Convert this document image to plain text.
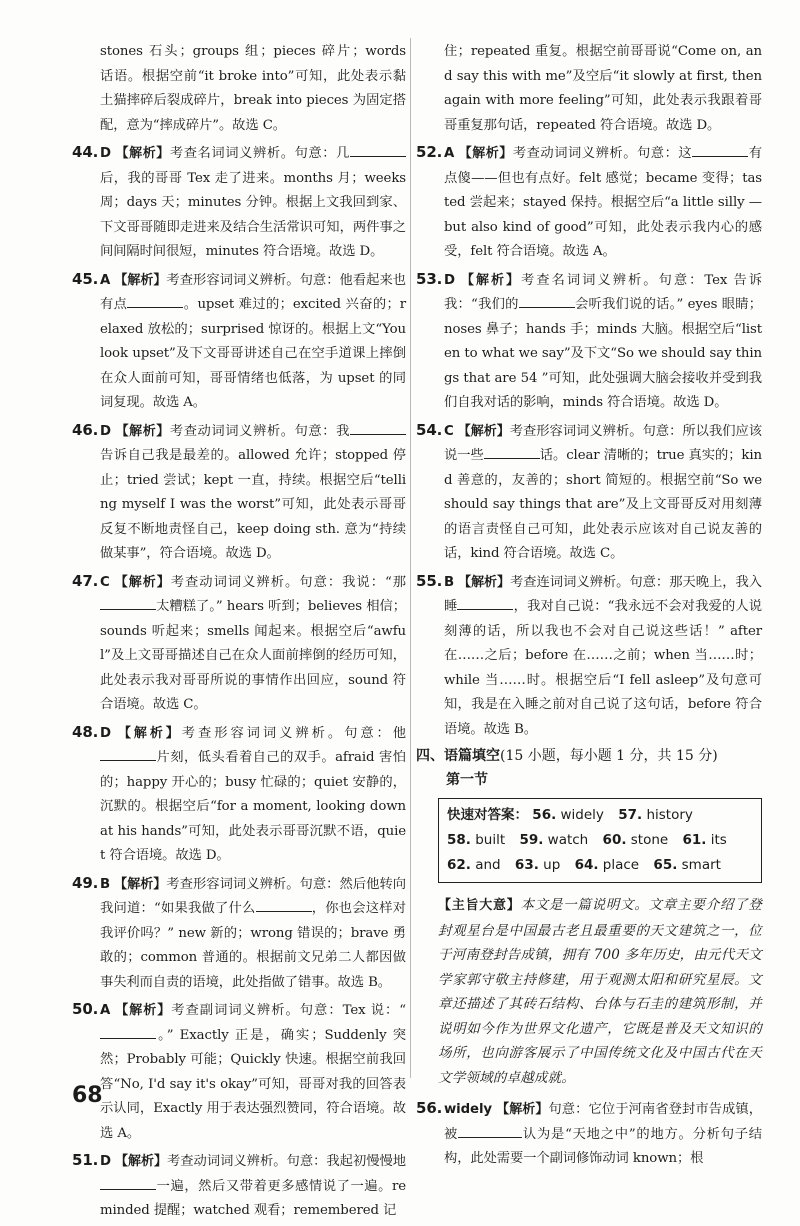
stones 石头；groups 组；pieces 碎片；words 话语。根据空前“it broke into”可知，此处表示黏土猫摔碎后裂成碎片，break into pieces 为固定搭配，意为“摔成碎片”。故选 C。
44. D 【解析】考查名词词义辨析。句意：几后，我的哥哥 Tex 走了进来。months 月；weeks 周；days 天；minutes 分钟。根据上文我回到家、下文哥哥随即走进来及结合生活常识可知，两件事之间间隔时间很短，minutes 符合语境。故选 D。
45. A 【解析】考查形容词词义辨析。句意：他看起来也有点	。upset 难过的；excited 兴奋的；relaxed 放松的；surprised 惊讶的。根据上文“You look upset”及下文哥哥讲述自己在空手道课上摔倒在众人面前可知，哥哥情绪也低落，为 upset 的同词复现。故选 A。
46. D 【解析】考查动词词义辨析。句意：我告诉自己我是最差的。allowed 允许；stopped 停止；tried 尝试；kept 一直，持续。根据空后“telling myself I was the worst”可知，此处表示哥哥反复不断地责怪自己，keep doing sth. 意为“持续做某事”，符合语境。故选 D。
47. C 【解析】考查动词词义辨析。句意：我说：“那太糟糕了。” hears 听到；believes 相信；sounds 听起来；smells 闻起来。根据空后“awful”及上文哥哥描述自己在众人面前摔倒的经历可知，此处表示我对哥哥所说的事情作出回应，sound 符合语境。故选 C。
48. D 【解析】考查形容词词义辨析。句意：他片刻，低头看着自己的双手。afraid 害怕的；happy 开心的；busy 忙碌的；quiet 安静的，沉默的。根据空后“for a moment, looking down at his hands”可知，此处表示哥哥沉默不语，quiet 符合语境。故选 D。
49. B 【解析】考查形容词词义辨析。句意：然后他转向我问道：“如果我做了什么	，你也会这样对我评价吗？” new 新的；wrong 错误的；brave 勇敢的；common 普通的。根据前文兄弟二人都因做事失利而自责的语境，此处指做了错事。故选 B。
50. A 【解析】考查副词词义辨析。句意：Tex 说：“。” Exactly 正是，确实；Suddenly 突然；Probably 可能；Quickly 快速。根据空前我回答“No, I'd say it's okay”可知，哥哥对我的回答表示认同，Exactly 用于表达强烈赞同，符合语境。故选 A。
51. D 【解析】考查动词词义辨析。句意：我起初慢慢地一遍，然后又带着更多感情说了一遍。reminded 提醒；watched 观看；remembered 记
住；repeated 重复。根据空前哥哥说“Come on, and say this with me”及空后“it slowly at first, then again with more feeling”可知，此处表示我跟着哥哥重复那句话，repeated 符合语境。故选 D。
52. A 【解析】考查动词词义辨析。句意：这	有点傻——但也有点好。felt 感觉；became 变得；tasted 尝起来；stayed 保持。根据空后“a little silly — but also kind of good”可知，此处表示我内心的感受，felt 符合语境。故选 A。
53. D 【解析】考查名词词义辨析。句意：Tex 告诉我：“我们的	会听我们说的话。” eyes 眼睛；noses 鼻子；hands 手；minds 大脑。根据空后“listen to what we say”及下文“So we should say things that are 54 ”可知，此处强调大脑会接收并受到我们自我对话的影响，minds 符合语境。故选 D。
54. C 【解析】考查形容词词义辨析。句意：所以我们应该说一些	话。clear 清晰的；true 真实的；kind 善意的，友善的；short 简短的。根据空前“So we should say things that are”及上文哥哥反对用刻薄的语言责怪自己可知，此处表示应该对自己说友善的话，kind 符合语境。故选 C。
55. B 【解析】考查连词词义辨析。句意：那天晚上，我入睡	，我对自己说：“我永远不会对我爱的人说刻薄的话，所以我也不会对自己说这些话！” after 在……之后；before 在……之前；when 当……时；while 当……时。根据空后“I fell asleep”及句意可知，我是在入睡之前对自己说了这句话，before 符合语境。故选 B。
四、语篇填空(15 小题，每小题 1 分，共 15 分)
第一节
快速对答案： 56. widely 57. history 58. built 59. watch 60. stone 61. its 62. and 63. up 64. place 65. smart
【主旨大意】本文是一篇说明文。文章主要介绍了登封观星台是中国最古老且最重要的天文建筑之一，位于河南登封告成镇，拥有 700 多年历史，由元代天文学家郭守敬主持修建，用于观测太阳和研究星辰。文章还描述了其砖石结构、台体与石圭的建筑形制，并说明如今作为世界文化遗产，它既是普及天文知识的场所，也向游客展示了中国传统文化及中国古代在天文学领域的卓越成就。
56. widely 【解析】句意：它位于河南省登封市告成镇，被	认为是“天地之中”的地方。分析句子结构，此处需要一个副词修饰动词 known；根
68
